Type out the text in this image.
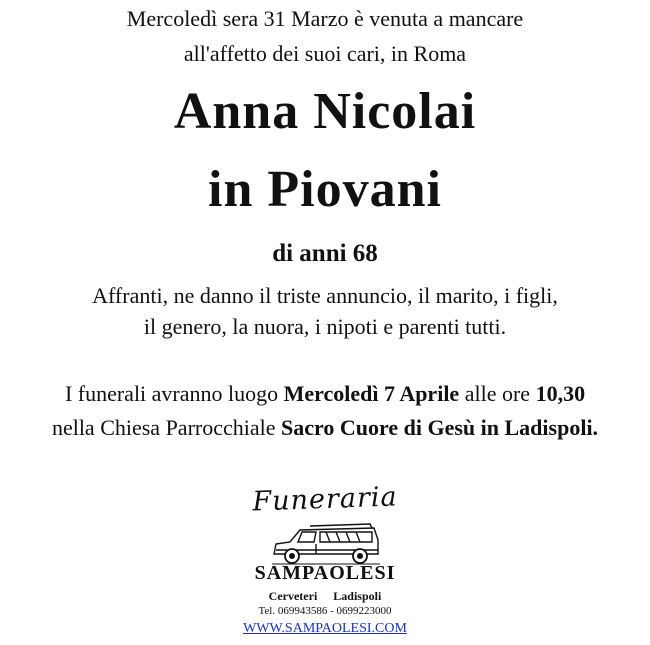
Mercoledì sera 31 Marzo è venuta a mancare
all'affetto dei suoi cari, in Roma
Anna Nicolai
in Piovani
di anni 68
Affranti, ne danno il triste annuncio, il marito, i figli,
il genero, la nuora, i nipoti e parenti tutti.
I funerali avranno luogo Mercoledì 7 Aprile alle ore 10,30
nella Chiesa Parrocchiale Sacro Cuore di Gesù in Ladispoli.
Funeraria
SAMPAOLESI
Cerveteri Ladispoli
Tel. 069943586 - 0699223000
WWW.SAMPAOLESI.COM
